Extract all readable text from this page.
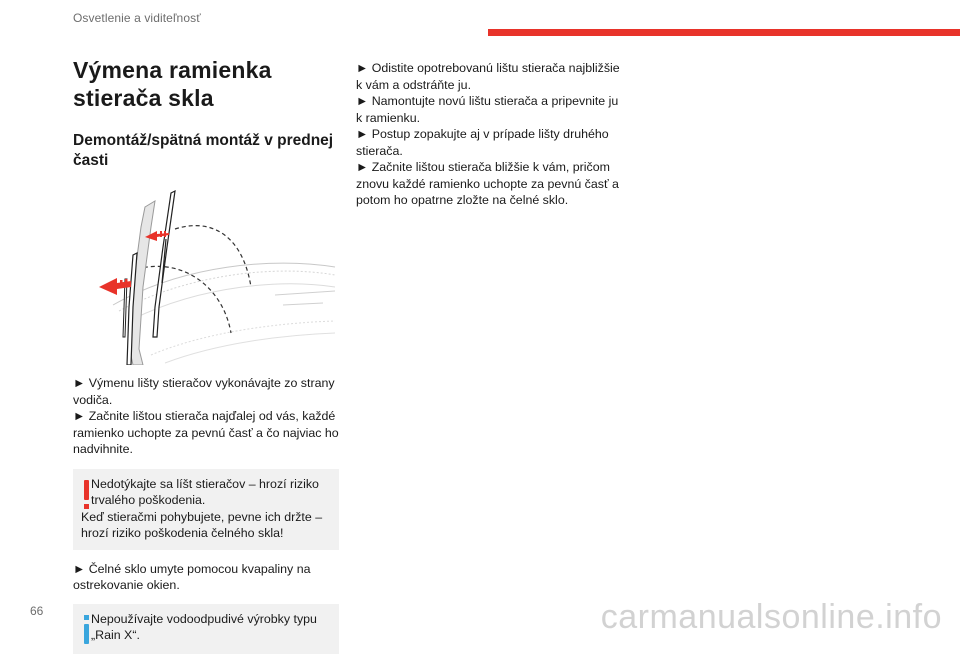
Osvetlenie a viditeľnosť
Výmena ramienka stierača skla
Demontáž/spätná montáž v prednej časti

► Výmenu lišty stieračov vykonávajte zo strany vodiča.

► Začnite lištou stierača najďalej od vás, každé ramienko uchopte za pevnú časť a čo najviac ho nadvihnite.

Nedotýkajte sa líšt stieračov – hrozí riziko trvalého poškodenia.
Keď stieračmi pohybujete, pevne ich držte – hrozí riziko poškodenia čelného skla!

► Čelné sklo umyte pomocou kvapaliny na ostrekovanie okien.

Nepoužívajte vodoodpudivé výrobky typu „Rain X“.

► Odistite opotrebovanú lištu stierača najbližšie k vám a odstráňte ju.

► Namontujte novú lištu stierača a pripevnite ju k ramienku.

► Postup zopakujte aj v prípade lišty druhého stierača.

► Začnite lištou stierača bližšie k vám, pričom znovu každé ramienko uchopte za pevnú časť a potom ho opatrne zložte na čelné sklo.

66	carmanualsonline.info
